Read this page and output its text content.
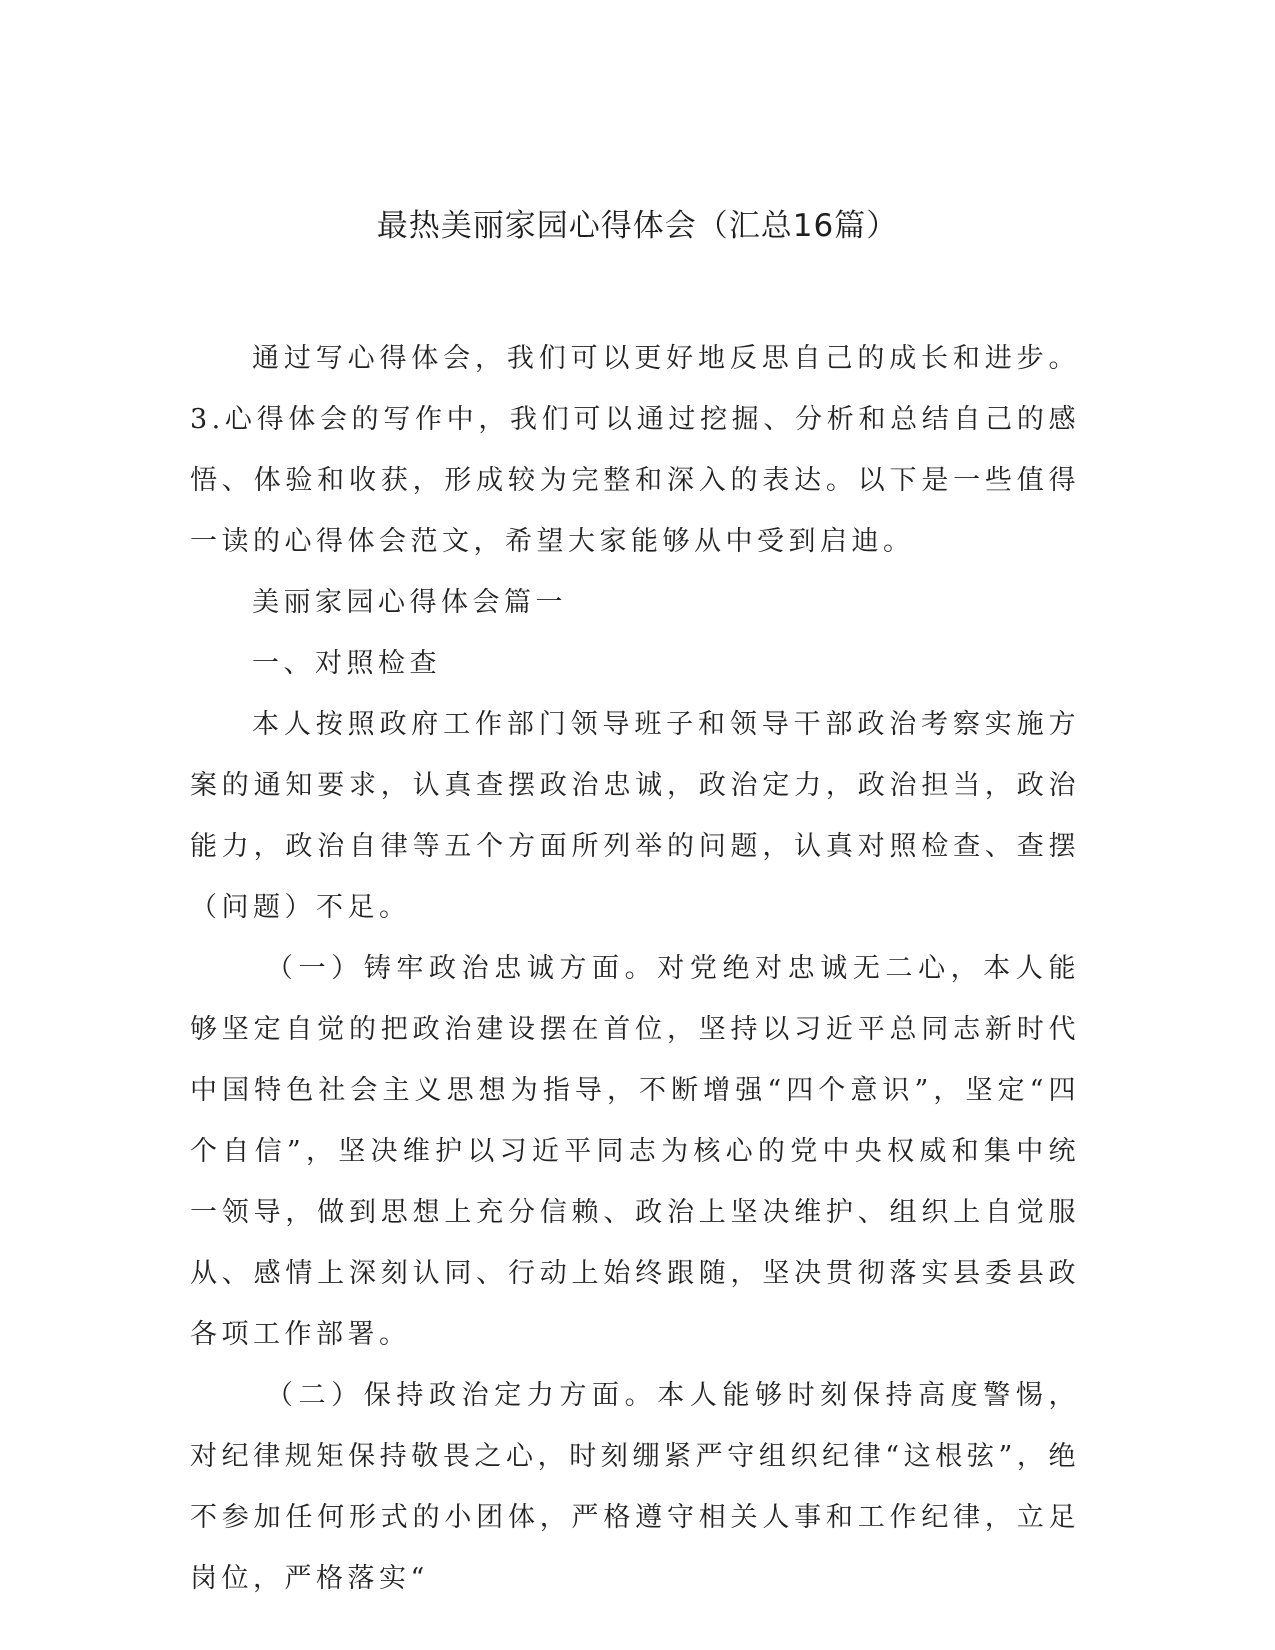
最热美丽家园心得体会（汇总16篇）

通过写心得体会，我们可以更好地反思自己的成长和进步。3.心得体会的写作中，我们可以通过挖掘、分析和总结自己的感悟、体验和收获，形成较为完整和深入的表达。以下是一些值得一读的心得体会范文，希望大家能够从中受到启迪。

美丽家园心得体会篇一

一、对照检查

本人按照政府工作部门领导班子和领导干部政治考察实施方案的通知要求，认真查摆政治忠诚，政治定力，政治担当，政治能力，政治自律等五个方面所列举的问题，认真对照检查、查摆（问题）不足。

（一）铸牢政治忠诚方面。对党绝对忠诚无二心，本人能够坚定自觉的把政治建设摆在首位，坚持以习近平总同志新时代中国特色社会主义思想为指导，不断增强“四个意识”，坚定“四个自信”，坚决维护以习近平同志为核心的党中央权威和集中统一领导，做到思想上充分信赖、政治上坚决维护、组织上自觉服从、感情上深刻认同、行动上始终跟随，坚决贯彻落实县委县政各项工作部署。

（二）保持政治定力方面。本人能够时刻保持高度警惕，对纪律规矩保持敬畏之心，时刻绷紧严守组织纪律“这根弦”，绝不参加任何形式的小团体，严格遵守相关人事和工作纪律，立足岗位，严格落实“
